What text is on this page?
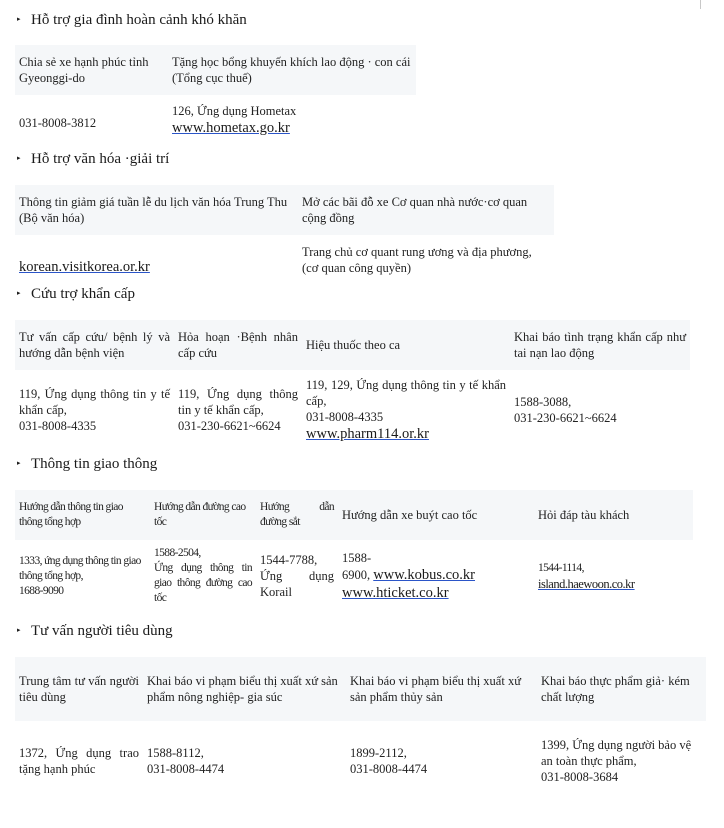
▸ Hỗ trợ gia đình hoàn cảnh khó khăn
Chia sẻ xe hạnh phúc tỉnh Gyeonggi-do
Tặng học bổng khuyến khích lao động · con cái (Tổng cục thuế)
031-8008-3812
126, Ứng dụng Hometax
www.hometax.go.kr
▸ Hỗ trợ văn hóa ·giải trí
Thông tin giảm giá tuần lễ du lịch văn hóa Trung Thu (Bộ văn hóa)
Mở các bãi đỗ xe Cơ quan nhà nước·cơ quan cộng đồng
korean.visitkorea.or.kr
Trang chủ cơ quant rung ương và địa phương, (cơ quan công quyền)
▸ Cứu trợ khẩn cấp
Tư vấn cấp cứu/ bệnh lý và hướng dẫn bệnh viện
Hỏa hoạn ·Bệnh nhân cấp cứu
Hiệu thuốc theo ca
Khai báo tình trạng khẩn cấp như tai nạn lao động
119, Ứng dụng thông tin y tế khẩn cấp,
031-8008-4335
119, Ứng dụng thông tin y tế khẩn cấp,
031-230-6621~6624
119, 129, Ứng dụng thông tin y tế khẩn cấp,
031-8008-4335
www.pharm114.or.kr
1588-3088,
031-230-6621~6624
▸ Thông tin giao thông
Hướng dẫn thông tin giao thông tổng hợp
Hướng dẫn đường cao tốc
Hướng dẫn đường sắt	Hướng dẫn xe buýt cao tốc	Hỏi đáp tàu khách
1333, ứng dụng thông tin giao thông tổng hợp,
1688-9090
1588-2504,
Ứng dụng thông tin giao thông đường cao tốc
1544-7788, Ứng dụng Korail
1588-
6900, www.kobus.co.kr www.hticket.co.kr
1544-1114,
island.haewoon.co.kr
▸ Tư vấn người tiêu dùng
Trung tâm tư vấn người tiêu dùng
Khai báo vi phạm biểu thị xuất xứ sản phẩm nông nghiệp- gia súc
Khai báo vi phạm biểu thị xuất xứ sản phẩm thủy sản
Khai báo thực phẩm giả· kém chất lượng
1372, Ứng dụng trao tặng hạnh phúc
1588-8112,
031-8008-4474
1899-2112,
031-8008-4474
1399, Ứng dụng người bảo vệ an toàn thực phẩm,
031-8008-3684
